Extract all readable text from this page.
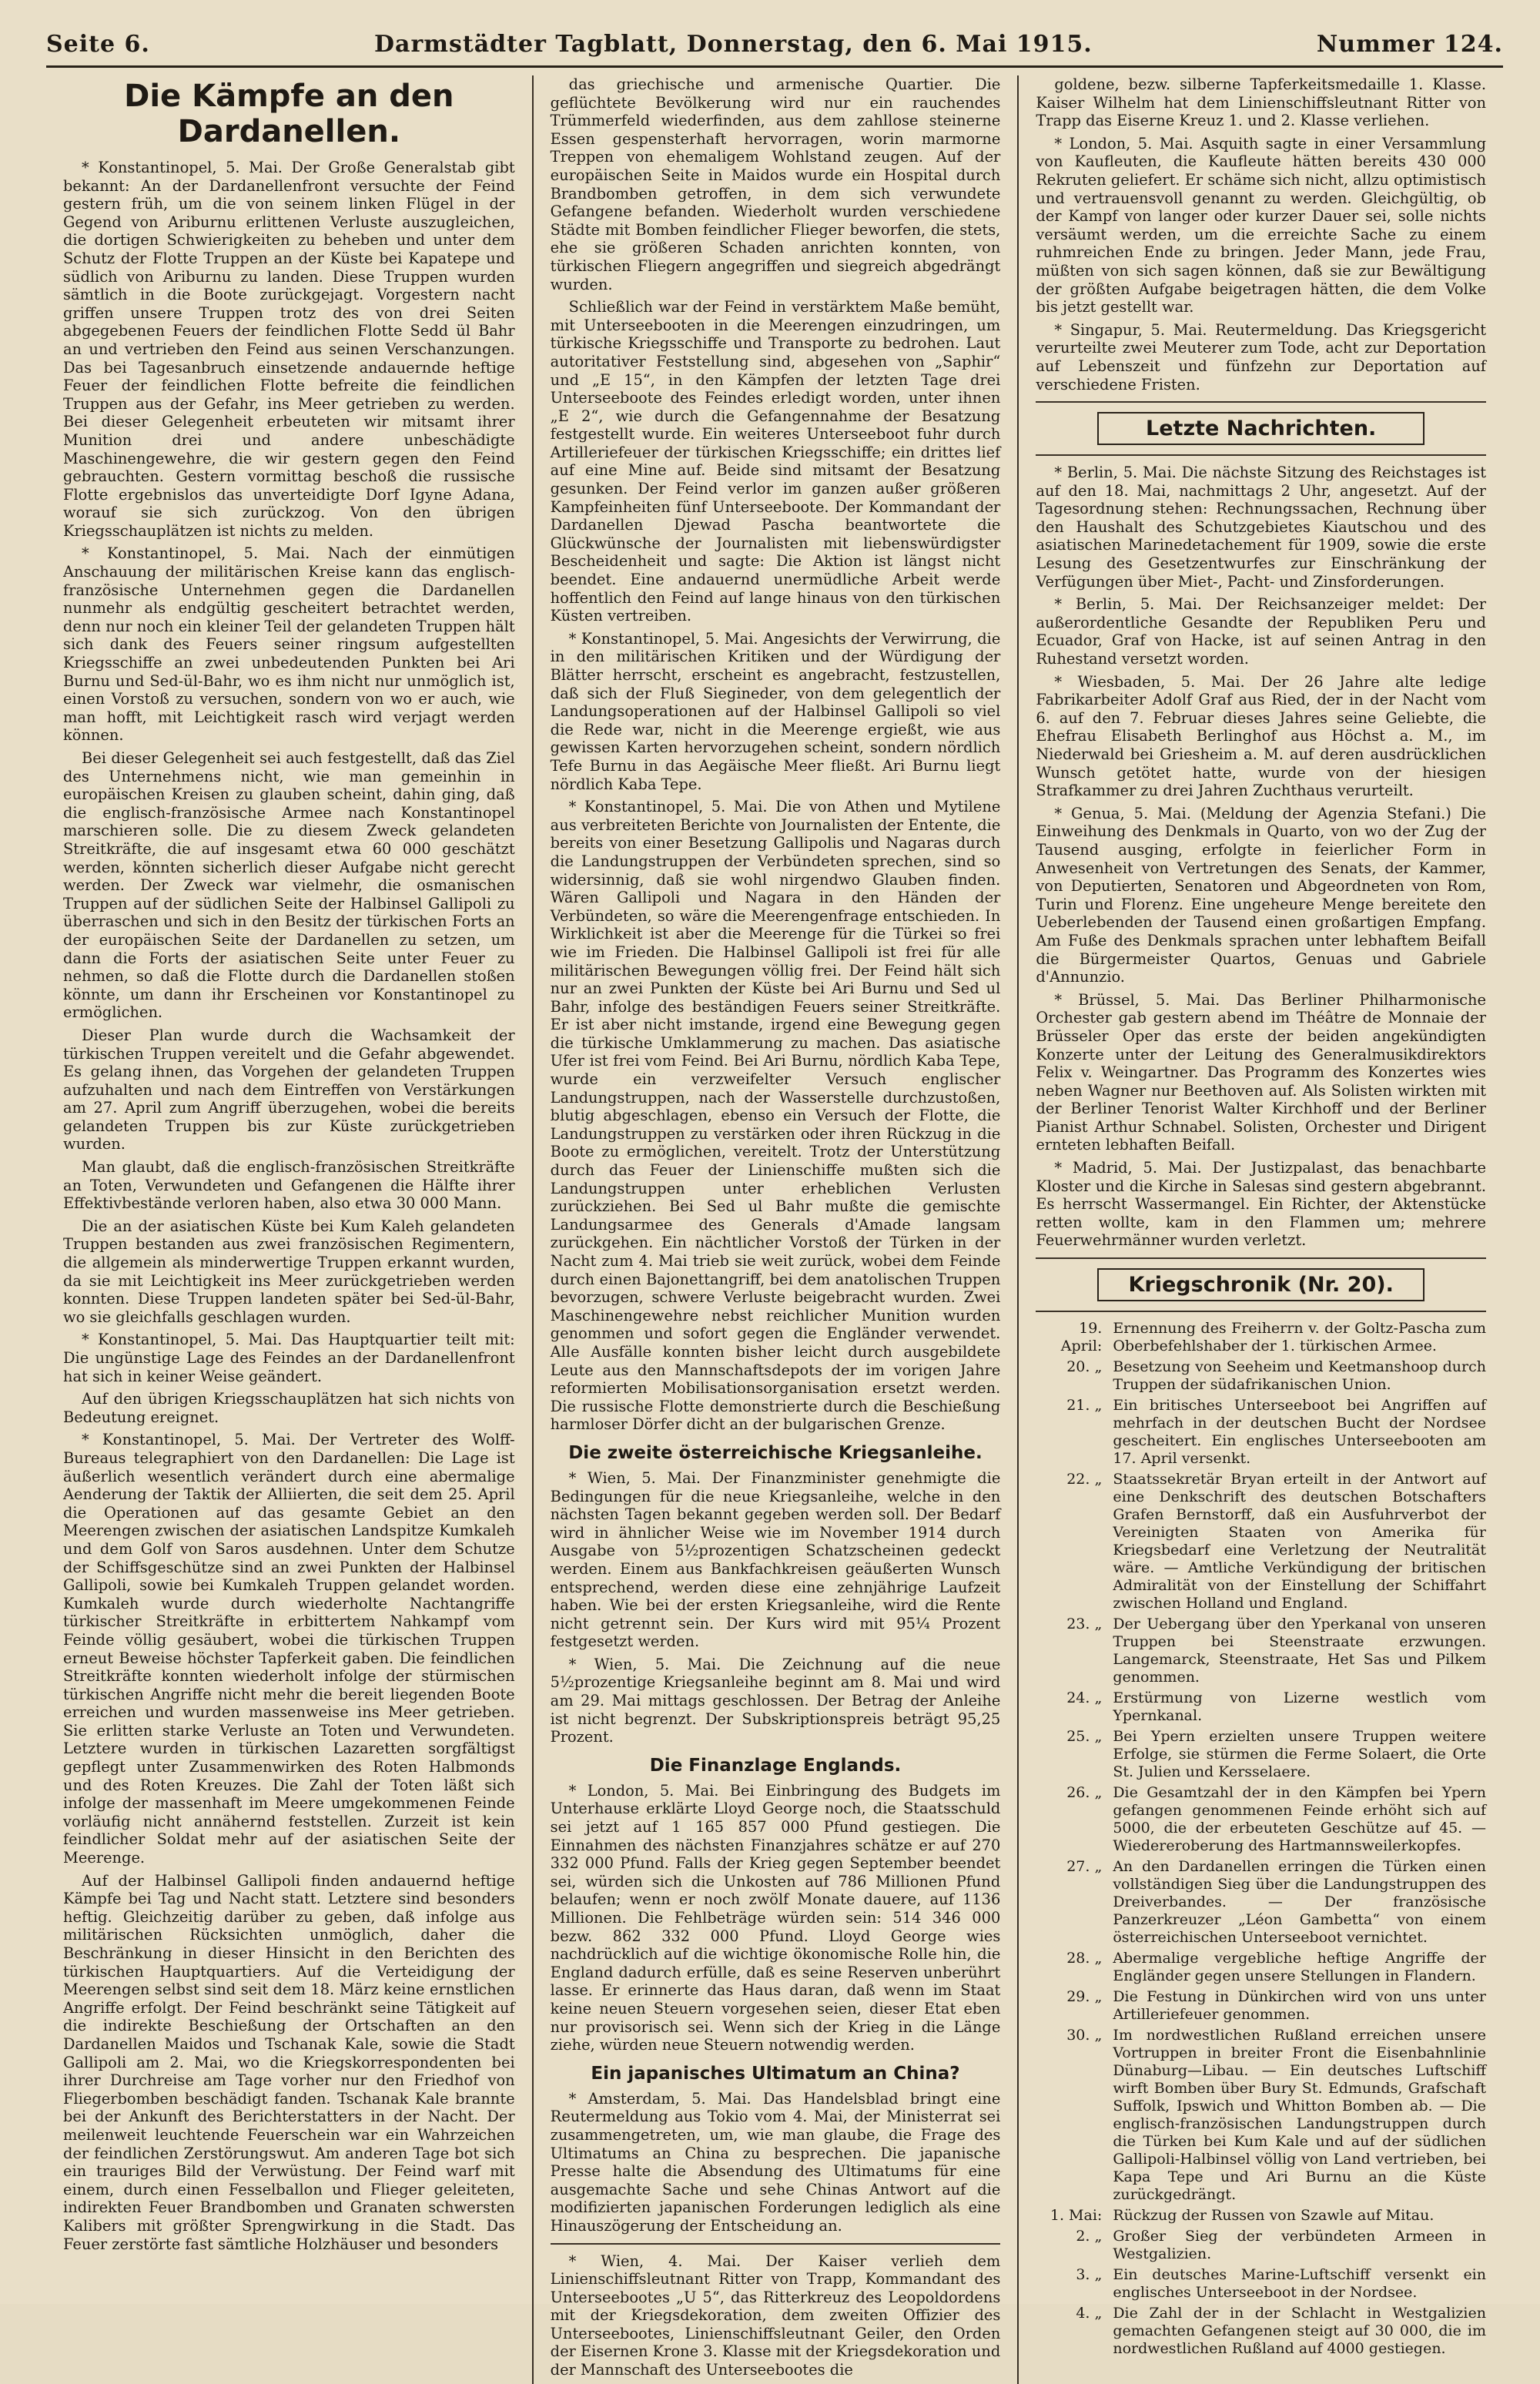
Seite 6.	Darmstädter Tagblatt, Donnerstag, den 6. Mai 1915.	Nummer 124.
Die Kämpfe an den Dardanellen.

* Konstantinopel, 5. Mai. Der Große Generalstab gibt bekannt: An der Dardanellenfront versuchte der Feind gestern früh, um die von seinem linken Flügel in der Gegend von Ariburnu erlittenen Verluste auszugleichen, die dortigen Schwierigkeiten zu beheben und unter dem Schutz der Flotte Truppen an der Küste bei Kapatepe und südlich von Ariburnu zu landen. Diese Truppen wurden sämtlich in die Boote zurückgejagt. Vorgestern nacht griffen unsere Truppen trotz des von drei Seiten abgegebenen Feuers der feindlichen Flotte Sedd ül Bahr an und vertrieben den Feind aus seinen Verschanzungen. Das bei Tagesanbruch einsetzende andauernde heftige Feuer der feindlichen Flotte befreite die feindlichen Truppen aus der Gefahr, ins Meer getrieben zu werden. Bei dieser Gelegenheit erbeuteten wir mitsamt ihrer Munition drei und andere unbeschädigte Maschinengewehre, die wir gestern gegen den Feind gebrauchten. Gestern vormittag beschoß die russische Flotte ergebnislos das unverteidigte Dorf Igyne Adana, worauf sie sich zurückzog. Von den übrigen Kriegsschauplätzen ist nichts zu melden.

* Konstantinopel, 5. Mai. Nach der einmütigen Anschauung der militärischen Kreise kann das englisch-französische Unternehmen gegen die Dardanellen nunmehr als endgültig gescheitert betrachtet werden, denn nur noch ein kleiner Teil der gelandeten Truppen hält sich dank des Feuers seiner ringsum aufgestellten Kriegsschiffe an zwei unbedeutenden Punkten bei Ari Burnu und Sed-ül-Bahr, wo es ihm nicht nur unmöglich ist, einen Vorstoß zu versuchen, sondern von wo er auch, wie man hofft, mit Leichtigkeit rasch wird verjagt werden können.

Bei dieser Gelegenheit sei auch festgestellt, daß das Ziel des Unternehmens nicht, wie man gemeinhin in europäischen Kreisen zu glauben scheint, dahin ging, daß die englisch-französische Armee nach Konstantinopel marschieren solle. Die zu diesem Zweck gelandeten Streitkräfte, die auf insgesamt etwa 60 000 geschätzt werden, könnten sicherlich dieser Aufgabe nicht gerecht werden. Der Zweck war vielmehr, die osmanischen Truppen auf der südlichen Seite der Halbinsel Gallipoli zu überraschen und sich in den Besitz der türkischen Forts an der europäischen Seite der Dardanellen zu setzen, um dann die Forts der asiatischen Seite unter Feuer zu nehmen, so daß die Flotte durch die Dardanellen stoßen könnte, um dann ihr Erscheinen vor Konstantinopel zu ermöglichen.

Dieser Plan wurde durch die Wachsamkeit der türkischen Truppen vereitelt und die Gefahr abgewendet. Es gelang ihnen, das Vorgehen der gelandeten Truppen aufzuhalten und nach dem Eintreffen von Verstärkungen am 27. April zum Angriff überzugehen, wobei die bereits gelandeten Truppen bis zur Küste zurückgetrieben wurden.

Man glaubt, daß die englisch-französischen Streitkräfte an Toten, Verwundeten und Gefangenen die Hälfte ihrer Effektivbestände verloren haben, also etwa 30 000 Mann.

Die an der asiatischen Küste bei Kum Kaleh gelandeten Truppen bestanden aus zwei französischen Regimentern, die allgemein als minderwertige Truppen erkannt wurden, da sie mit Leichtigkeit ins Meer zurückgetrieben werden konnten. Diese Truppen landeten später bei Sed-ül-Bahr, wo sie gleichfalls geschlagen wurden.

* Konstantinopel, 5. Mai. Das Hauptquartier teilt mit: Die ungünstige Lage des Feindes an der Dardanellenfront hat sich in keiner Weise geändert.

Auf den übrigen Kriegsschauplätzen hat sich nichts von Bedeutung ereignet.

* Konstantinopel, 5. Mai. Der Vertreter des Wolff-Bureaus telegraphiert von den Dardanellen: Die Lage ist äußerlich wesentlich verändert durch eine abermalige Aenderung der Taktik der Alliierten, die seit dem 25. April die Operationen auf das gesamte Gebiet an den Meerengen zwischen der asiatischen Landspitze Kumkaleh und dem Golf von Saros ausdehnen. Unter dem Schutze der Schiffsgeschütze sind an zwei Punkten der Halbinsel Gallipoli, sowie bei Kumkaleh Truppen gelandet worden. Kumkaleh wurde durch wiederholte Nachtangriffe türkischer Streitkräfte in erbittertem Nahkampf vom Feinde völlig gesäubert, wobei die türkischen Truppen erneut Beweise höchster Tapferkeit gaben. Die feindlichen Streitkräfte konnten wiederholt infolge der stürmischen türkischen Angriffe nicht mehr die bereit liegenden Boote erreichen und wurden massenweise ins Meer getrieben. Sie erlitten starke Verluste an Toten und Verwundeten. Letztere wurden in türkischen Lazaretten sorgfältigst gepflegt unter Zusammenwirken des Roten Halbmonds und des Roten Kreuzes. Die Zahl der Toten läßt sich infolge der massenhaft im Meere umgekommenen Feinde vorläufig nicht annähernd feststellen. Zurzeit ist kein feindlicher Soldat mehr auf der asiatischen Seite der Meerenge.

Auf der Halbinsel Gallipoli finden andauernd heftige Kämpfe bei Tag und Nacht statt. Letztere sind besonders heftig. Gleichzeitig darüber zu geben, daß infolge aus militärischen Rücksichten unmöglich, daher die Beschränkung in dieser Hinsicht in den Berichten des türkischen Hauptquartiers. Auf die Verteidigung der Meerengen selbst sind seit dem 18. März keine ernstlichen Angriffe erfolgt. Der Feind beschränkt seine Tätigkeit auf die indirekte Beschießung der Ortschaften an den Dardanellen Maidos und Tschanak Kale, sowie die Stadt Gallipoli am 2. Mai, wo die Kriegskorrespondenten bei ihrer Durchreise am Tage vorher nur den Friedhof von Fliegerbomben beschädigt fanden. Tschanak Kale brannte bei der Ankunft des Berichterstatters in der Nacht. Der meilenweit leuchtende Feuerschein war ein Wahrzeichen der feindlichen Zerstörungswut. Am anderen Tage bot sich ein trauriges Bild der Verwüstung. Der Feind warf mit einem, durch einen Fesselballon und Flieger geleiteten, indirekten Feuer Brandbomben und Granaten schwersten Kalibers mit größter Sprengwirkung in die Stadt. Das Feuer zerstörte fast sämtliche Holzhäuser und besonders

das griechische und armenische Quartier. Die geflüchtete Bevölkerung wird nur ein rauchendes Trümmerfeld wiederfinden, aus dem zahllose steinerne Essen gespensterhaft hervorragen, worin marmorne Treppen von ehemaligem Wohlstand zeugen. Auf der europäischen Seite in Maidos wurde ein Hospital durch Brandbomben getroffen, in dem sich verwundete Gefangene befanden. Wiederholt wurden verschiedene Städte mit Bomben feindlicher Flieger beworfen, die stets, ehe sie größeren Schaden anrichten konnten, von türkischen Fliegern angegriffen und siegreich abgedrängt wurden.

Schließlich war der Feind in verstärktem Maße bemüht, mit Unterseebooten in die Meerengen einzudringen, um türkische Kriegsschiffe und Transporte zu bedrohen. Laut autoritativer Feststellung sind, abgesehen von „Saphir“ und „E 15“, in den Kämpfen der letzten Tage drei Unterseeboote des Feindes erledigt worden, unter ihnen „E 2“, wie durch die Gefangennahme der Besatzung festgestellt wurde. Ein weiteres Unterseeboot fuhr durch Artilleriefeuer der türkischen Kriegsschiffe; ein drittes lief auf eine Mine auf. Beide sind mitsamt der Besatzung gesunken. Der Feind verlor im ganzen außer größeren Kampfeinheiten fünf Unterseeboote. Der Kommandant der Dardanellen Djewad Pascha beantwortete die Glückwünsche der Journalisten mit liebenswürdigster Bescheidenheit und sagte: Die Aktion ist längst nicht beendet. Eine andauernd unermüdliche Arbeit werde hoffentlich den Feind auf lange hinaus von den türkischen Küsten vertreiben.

* Konstantinopel, 5. Mai. Angesichts der Verwirrung, die in den militärischen Kritiken und der Würdigung der Blätter herrscht, erscheint es angebracht, festzustellen, daß sich der Fluß Siegineder, von dem gelegentlich der Landungsoperationen auf der Halbinsel Gallipoli so viel die Rede war, nicht in die Meerenge ergießt, wie aus gewissen Karten hervorzugehen scheint, sondern nördlich Tefe Burnu in das Aegäische Meer fließt. Ari Burnu liegt nördlich Kaba Tepe.

* Konstantinopel, 5. Mai. Die von Athen und Mytilene aus verbreiteten Berichte von Journalisten der Entente, die bereits von einer Besetzung Gallipolis und Nagaras durch die Landungstruppen der Verbündeten sprechen, sind so widersinnig, daß sie wohl nirgendwo Glauben finden. Wären Gallipoli und Nagara in den Händen der Verbündeten, so wäre die Meerengenfrage entschieden. In Wirklichkeit ist aber die Meerenge für die Türkei so frei wie im Frieden. Die Halbinsel Gallipoli ist frei für alle militärischen Bewegungen völlig frei. Der Feind hält sich nur an zwei Punkten der Küste bei Ari Burnu und Sed ul Bahr, infolge des beständigen Feuers seiner Streitkräfte. Er ist aber nicht imstande, irgend eine Bewegung gegen die türkische Umklammerung zu machen. Das asiatische Ufer ist frei vom Feind. Bei Ari Burnu, nördlich Kaba Tepe, wurde ein verzweifelter Versuch englischer Landungstruppen, nach der Wasserstelle durchzustoßen, blutig abgeschlagen, ebenso ein Versuch der Flotte, die Landungstruppen zu verstärken oder ihren Rückzug in die Boote zu ermöglichen, vereitelt. Trotz der Unterstützung durch das Feuer der Linienschiffe mußten sich die Landungstruppen unter erheblichen Verlusten zurückziehen. Bei Sed ul Bahr mußte die gemischte Landungsarmee des Generals d'Amade langsam zurückgehen. Ein nächtlicher Vorstoß der Türken in der Nacht zum 4. Mai trieb sie weit zurück, wobei dem Feinde durch einen Bajonettangriff, bei dem anatolischen Truppen bevorzugen, schwere Verluste beigebracht wurden. Zwei Maschinengewehre nebst reichlicher Munition wurden genommen und sofort gegen die Engländer verwendet. Alle Ausfälle konnten bisher leicht durch ausgebildete Leute aus den Mannschaftsdepots der im vorigen Jahre reformierten Mobilisationsorganisation ersetzt werden. Die russische Flotte demonstrierte durch die Beschießung harmloser Dörfer dicht an der bulgarischen Grenze.

Die zweite österreichische Kriegsanleihe.

* Wien, 5. Mai. Der Finanzminister genehmigte die Bedingungen für die neue Kriegsanleihe, welche in den nächsten Tagen bekannt gegeben werden soll. Der Bedarf wird in ähnlicher Weise wie im November 1914 durch Ausgabe von 5½prozentigen Schatzscheinen gedeckt werden. Einem aus Bankfachkreisen geäußerten Wunsch entsprechend, werden diese eine zehnjährige Laufzeit haben. Wie bei der ersten Kriegsanleihe, wird die Rente nicht getrennt sein. Der Kurs wird mit 95¼ Prozent festgesetzt werden.

* Wien, 5. Mai. Die Zeichnung auf die neue 5½prozentige Kriegsanleihe beginnt am 8. Mai und wird am 29. Mai mittags geschlossen. Der Betrag der Anleihe ist nicht begrenzt. Der Subskriptionspreis beträgt 95,25 Prozent.

Die Finanzlage Englands.

* London, 5. Mai. Bei Einbringung des Budgets im Unterhause erklärte Lloyd George noch, die Staatsschuld sei jetzt auf 1 165 857 000 Pfund gestiegen. Die Einnahmen des nächsten Finanzjahres schätze er auf 270 332 000 Pfund. Falls der Krieg gegen September beendet sei, würden sich die Unkosten auf 786 Millionen Pfund belaufen; wenn er noch zwölf Monate dauere, auf 1136 Millionen. Die Fehlbeträge würden sein: 514 346 000 bezw. 862 332 000 Pfund. Lloyd George wies nachdrücklich auf die wichtige ökonomische Rolle hin, die England dadurch erfülle, daß es seine Reserven unberührt lasse. Er erinnerte das Haus daran, daß wenn im Staat keine neuen Steuern vorgesehen seien, dieser Etat eben nur provisorisch sei. Wenn sich der Krieg in die Länge ziehe, würden neue Steuern notwendig werden.

Ein japanisches Ultimatum an China?

* Amsterdam, 5. Mai. Das Handelsblad bringt eine Reutermeldung aus Tokio vom 4. Mai, der Ministerrat sei zusammengetreten, um, wie man glaube, die Frage des Ultimatums an China zu besprechen. Die japanische Presse halte die Absendung des Ultimatums für eine ausgemachte Sache und sehe Chinas Antwort auf die modifizierten japanischen Forderungen lediglich als eine Hinauszögerung der Entscheidung an.

* Wien, 4. Mai. Der Kaiser verlieh dem Linienschiffsleutnant Ritter von Trapp, Kommandant des Unterseebootes „U 5“, das Ritterkreuz des Leopoldordens mit der Kriegsdekoration, dem zweiten Offizier des Unterseebootes, Linienschiffsleutnant Geiler, den Orden der Eisernen Krone 3. Klasse mit der Kriegsdekoration und der Mannschaft des Unterseebootes die

goldene, bezw. silberne Tapferkeitsmedaille 1. Klasse. Kaiser Wilhelm hat dem Linienschiffsleutnant Ritter von Trapp das Eiserne Kreuz 1. und 2. Klasse verliehen.

* London, 5. Mai. Asquith sagte in einer Versammlung von Kaufleuten, die Kaufleute hätten bereits 430 000 Rekruten geliefert. Er schäme sich nicht, allzu optimistisch und vertrauensvoll genannt zu werden. Gleichgültig, ob der Kampf von langer oder kurzer Dauer sei, solle nichts versäumt werden, um die erreichte Sache zu einem ruhmreichen Ende zu bringen. Jeder Mann, jede Frau, müßten von sich sagen können, daß sie zur Bewältigung der größten Aufgabe beigetragen hätten, die dem Volke bis jetzt gestellt war.

* Singapur, 5. Mai. Reutermeldung. Das Kriegsgericht verurteilte zwei Meuterer zum Tode, acht zur Deportation auf Lebenszeit und fünfzehn zur Deportation auf verschiedene Fristen.

Letzte Nachrichten.

* Berlin, 5. Mai. Die nächste Sitzung des Reichstages ist auf den 18. Mai, nachmittags 2 Uhr, angesetzt. Auf der Tagesordnung stehen: Rechnungssachen, Rechnung über den Haushalt des Schutzgebietes Kiautschou und des asiatischen Marinedetachement für 1909, sowie die erste Lesung des Gesetzentwurfes zur Einschränkung der Verfügungen über Miet-, Pacht- und Zinsforderungen.

* Berlin, 5. Mai. Der Reichsanzeiger meldet: Der außerordentliche Gesandte der Republiken Peru und Ecuador, Graf von Hacke, ist auf seinen Antrag in den Ruhestand versetzt worden.

* Wiesbaden, 5. Mai. Der 26 Jahre alte ledige Fabrikarbeiter Adolf Graf aus Ried, der in der Nacht vom 6. auf den 7. Februar dieses Jahres seine Geliebte, die Ehefrau Elisabeth Berlinghof aus Höchst a. M., im Niederwald bei Griesheim a. M. auf deren ausdrücklichen Wunsch getötet hatte, wurde von der hiesigen Strafkammer zu drei Jahren Zuchthaus verurteilt.

* Genua, 5. Mai. (Meldung der Agenzia Stefani.) Die Einweihung des Denkmals in Quarto, von wo der Zug der Tausend ausging, erfolgte in feierlicher Form in Anwesenheit von Vertretungen des Senats, der Kammer, von Deputierten, Senatoren und Abgeordneten von Rom, Turin und Florenz. Eine ungeheure Menge bereitete den Ueberlebenden der Tausend einen großartigen Empfang. Am Fuße des Denkmals sprachen unter lebhaftem Beifall die Bürgermeister Quartos, Genuas und Gabriele d'Annunzio.

* Brüssel, 5. Mai. Das Berliner Philharmonische Orchester gab gestern abend im Théâtre de Monnaie der Brüsseler Oper das erste der beiden angekündigten Konzerte unter der Leitung des Generalmusikdirektors Felix v. Weingartner. Das Programm des Konzertes wies neben Wagner nur Beethoven auf. Als Solisten wirkten mit der Berliner Tenorist Walter Kirchhoff und der Berliner Pianist Arthur Schnabel. Solisten, Orchester und Dirigent ernteten lebhaften Beifall.

* Madrid, 5. Mai. Der Justizpalast, das benachbarte Kloster und die Kirche in Salesas sind gestern abgebrannt. Es herrscht Wassermangel. Ein Richter, der Aktenstücke retten wollte, kam in den Flammen um; mehrere Feuerwehrmänner wurden verletzt.

Kriegschronik (Nr. 20).
19. April:
Ernennung des Freiherrn v. der Goltz-Pascha zum Oberbefehlshaber der 1. türkischen Armee.
20. „ Besetzung von Seeheim und Keetmanshoop durch Truppen der südafrikanischen Union.
21. „ Ein britisches Unterseeboot bei Angriffen auf mehrfach in der deutschen Bucht der Nordsee gescheitert. Ein englisches Unterseebooten am 17. April versenkt.
22. „ Staatssekretär Bryan erteilt in der Antwort auf eine Denkschrift des deutschen Botschafters Grafen Bernstorff, daß ein Ausfuhrverbot der Vereinigten Staaten von Amerika für Kriegsbedarf eine Verletzung der Neutralität wäre. — Amtliche Verkündigung der britischen Admiralität von der Einstellung der Schiffahrt zwischen Holland und England.
23. „ Der Uebergang über den Yperkanal von unseren Truppen bei Steenstraate erzwungen. Langemarck, Steenstraate, Het Sas und Pilkem genommen.
24. „ Erstürmung von Lizerne westlich vom Ypernkanal.
25. „ Bei Ypern erzielten unsere Truppen weitere Erfolge, sie stürmen die Ferme Solaert, die Orte St. Julien und Kersselaere.
26. „ Die Gesamtzahl der in den Kämpfen bei Ypern gefangen genommenen Feinde erhöht sich auf 5000, die der erbeuteten Geschütze auf 45. — Wiedereroberung des Hartmannsweilerkopfes.
27. „ An den Dardanellen erringen die Türken einen vollständigen Sieg über die Landungstruppen des Dreiverbandes. — Der französische Panzerkreuzer „Léon Gambetta“ von einem österreichischen Unterseeboot vernichtet.
28. „ Abermalige vergebliche heftige Angriffe der Engländer gegen unsere Stellungen in Flandern.
29. „ Die Festung in Dünkirchen wird von uns unter Artilleriefeuer genommen.
30. „ Im nordwestlichen Rußland erreichen unsere Vortruppen in breiter Front die Eisenbahnlinie Dünaburg—Libau. — Ein deutsches Luftschiff wirft Bomben über Bury St. Edmunds, Grafschaft Suffolk, Ipswich und Whitton Bomben ab. — Die englisch-französischen Landungstruppen durch die Türken bei Kum Kale und auf der südlichen Gallipoli-Halbinsel völlig von Land vertrieben, bei Kapa Tepe und Ari Burnu an die Küste zurückgedrängt.
1. Mai: Rückzug der Russen von Szawle auf Mitau.
2. „ Großer Sieg der verbündeten Armeen in Westgalizien.
3. „ Ein deutsches Marine-Luftschiff versenkt ein englisches Unterseeboot in der Nordsee.
4. „ Die Zahl der in der Schlacht in Westgalizien gemachten Gefangenen steigt auf 30 000, die im nordwestlichen Rußland auf 4000 gestiegen.
